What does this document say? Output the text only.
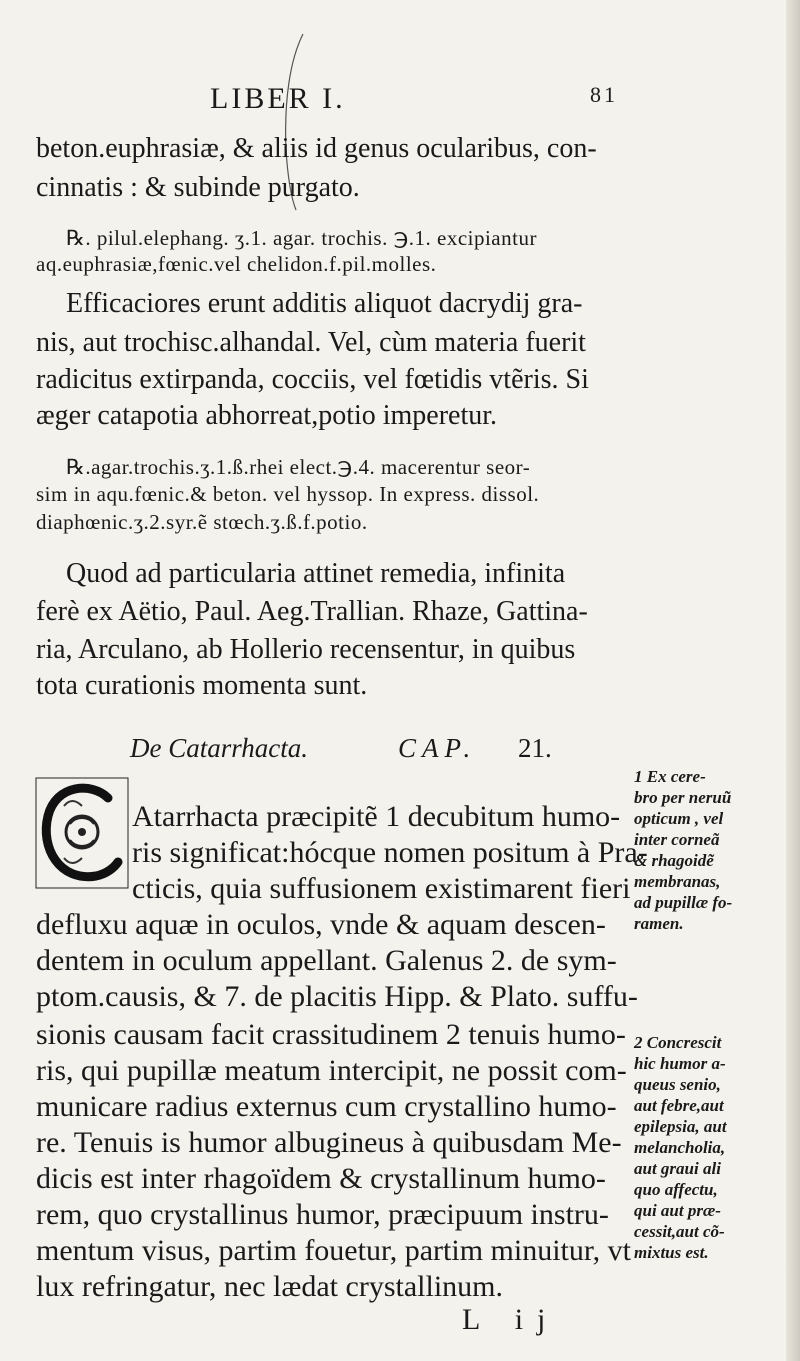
LIBER I.	81
beton.euphrasiæ, & aliis id genus ocularibus, con-
cinnatis : & subinde purgato.
℞. pilul.elephang. ʒ.1. agar. trochis. ℈.1. excipiantur
aq.euphrasiæ,fœnic.vel chelidon.f.pil.molles.
Efficaciores erunt additis aliquot dacrydij gra-
nis, aut trochisc.alhandal. Vel, cùm materia fuerit
radicitus extirpanda, cocciis, vel fœtidis vtẽris. Si
æger catapotia abhorreat,potio imperetur.
℞.agar.trochis.ʒ.1.ß.rhei elect.℈.4. macerentur seor-
sim in aqu.fœnic.& beton. vel hyssop. In express. dissol.
diaphœnic.ʒ.2.syr.ẽ stœch.ʒ.ß.f.potio.
Quod ad particularia attinet remedia, infinita
ferè ex Aëtio, Paul. Aeg.Trallian. Rhaze, Gattina-
ria, Arculano, ab Hollerio recensentur, in quibus
tota curationis momenta sunt.
De Catarrhacta.	CAP. 21.
Atarrhacta præcipitẽ 1 decubitum humo-
ris significat:hócque nomen positum à Pra-
cticis, quia suffusionem existimarent fieri
defluxu aquæ in oculos, vnde & aquam descen-
dentem in oculum appellant. Galenus 2. de sym-
ptom.causis, & 7. de placitis Hipp. & Plato. suffu-
sionis causam facit crassitudinem 2 tenuis humo-
ris, qui pupillæ meatum intercipit, ne possit com-
municare radius externus cum crystallino humo-
re. Tenuis is humor albugineus à quibusdam Me-
dicis est inter rhagoïdem & crystallinum humo-
rem, quo crystallinus humor, præcipuum instru-
mentum visus, partim fouetur, partim minuitur, vt
lux refringatur, nec lædat crystallinum.
1 Ex cere-
bro per neruũ
opticum , vel
inter corneã
& rhagoidẽ
membranas,
ad pupillæ fo-
ramen.
2 Concrescit
hic humor a-
queus senio,
aut febre,aut
epilepsia, aut
melancholia,
aut graui ali
quo affectu,
qui aut præ-
cessit,aut cõ-
mixtus est.
L ij
